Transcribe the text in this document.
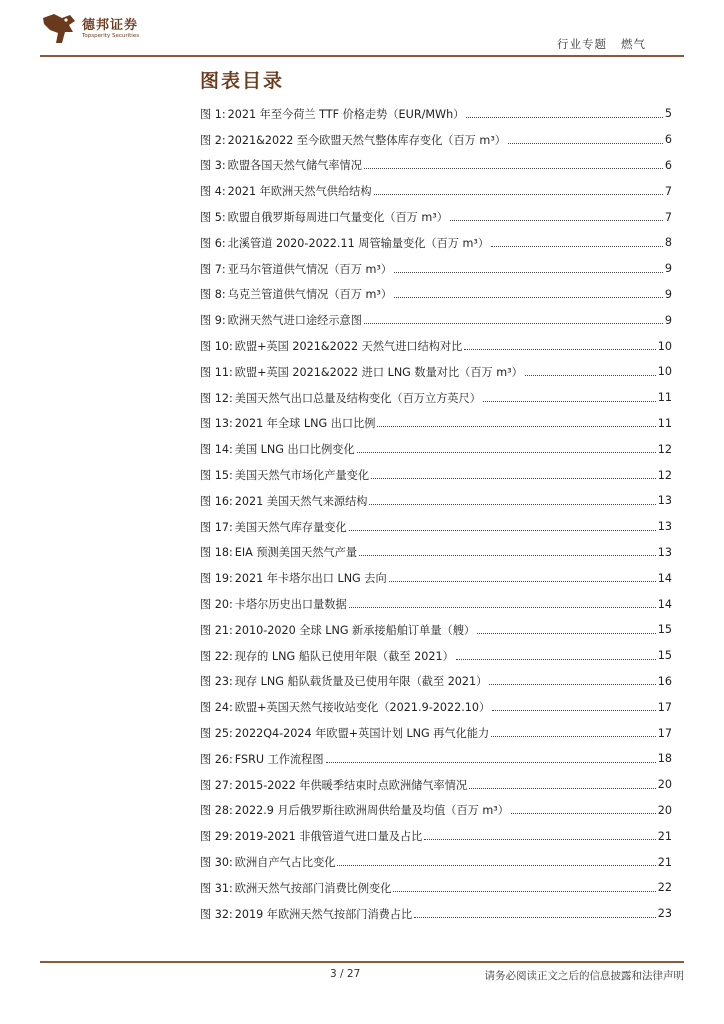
德邦证券
Topsperity Securities
行业专题 燃气
图表目录
图 1: 2021 年至今荷兰 TTF 价格走势（EUR/MWh）	5
图 2: 2021&2022 至今欧盟天然气整体库存变化（百万 m³）	6
图 3: 欧盟各国天然气储气率情况	6
图 4: 2021 年欧洲天然气供给结构	7
图 5: 欧盟自俄罗斯每周进口气量变化（百万 m³）	7
图 6: 北溪管道 2020-2022.11 周管输量变化（百万 m³）	8
图 7: 亚马尔管道供气情况（百万 m³）	9
图 8: 乌克兰管道供气情况（百万 m³）	9
图 9: 欧洲天然气进口途经示意图	9
图 10: 欧盟+英国 2021&2022 天然气进口结构对比	10
图 11: 欧盟+英国 2021&2022 进口 LNG 数量对比（百万 m³）	10
图 12: 美国天然气出口总量及结构变化（百万立方英尺）	11
图 13: 2021 年全球 LNG 出口比例	11
图 14: 美国 LNG 出口比例变化	12
图 15: 美国天然气市场化产量变化	12
图 16: 2021 美国天然气来源结构	13
图 17: 美国天然气库存量变化	13
图 18: EIA 预测美国天然气产量	13
图 19: 2021 年卡塔尔出口 LNG 去向	14
图 20: 卡塔尔历史出口量数据	14
图 21: 2010-2020 全球 LNG 新承接船舶订单量（艘）	15
图 22: 现存的 LNG 船队已使用年限（截至 2021）	15
图 23: 现存 LNG 船队载货量及已使用年限（截至 2021）	16
图 24: 欧盟+英国天然气接收站变化（2021.9-2022.10）	17
图 25: 2022Q4-2024 年欧盟+英国计划 LNG 再气化能力	17
图 26: FSRU 工作流程图	18
图 27: 2015-2022 年供暖季结束时点欧洲储气率情况	20
图 28: 2022.9 月后俄罗斯往欧洲周供给量及均值（百万 m³）	20
图 29: 2019-2021 非俄管道气进口量及占比	21
图 30: 欧洲自产气占比变化	21
图 31: 欧洲天然气按部门消费比例变化	22
图 32: 2019 年欧洲天然气按部门消费占比	23
3 / 27	请务必阅读正文之后的信息披露和法律声明
